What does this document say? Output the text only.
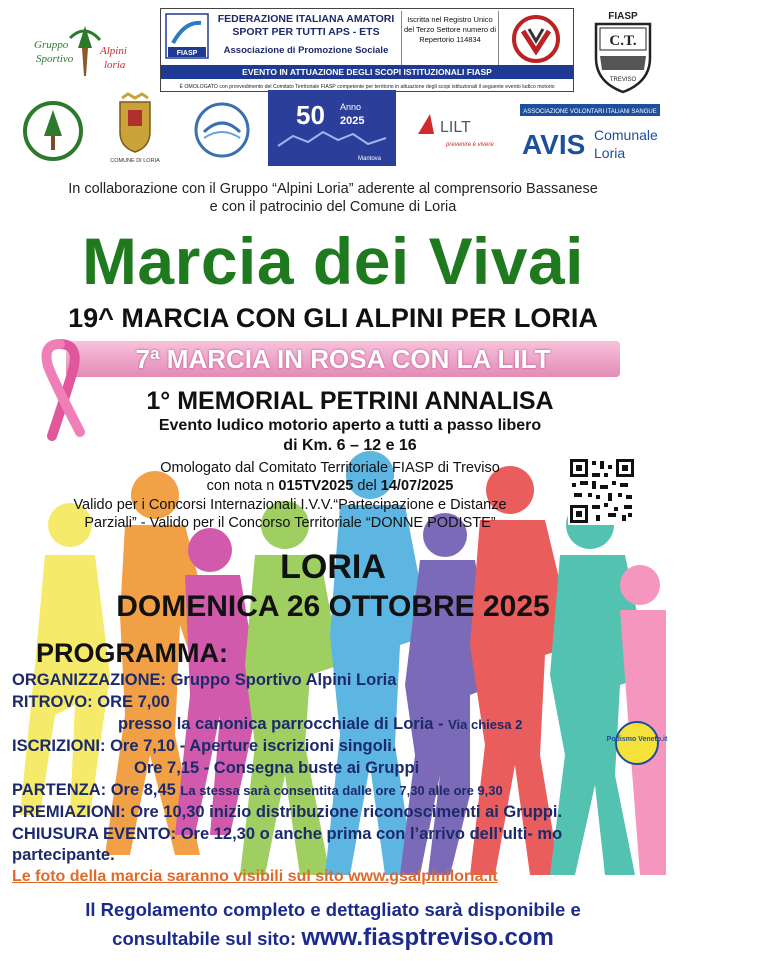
Gruppo
Sportivo
Alpini
loria
FIASP
FEDERAZIONE ITALIANA AMATORI SPORT PER TUTTI APS - ETS
Associazione di Promozione Sociale
Iscritta nel Registro Unico del Terzo Settore numero di Repertorio 114834
EVENTO IN ATTUAZIONE DEGLI SCOPI ISTITUZIONALI FIASP
È OMOLOGATO con provvedimento del Comitato Territoriale FIASP competente per territorio in attuazione degli scopi istituzionali il seguente evento ludico motorio
FIASP
C.T.
TREVISO
COMUNE DI LORIA
50 Anno
2025
Mantova
LILT
prevenire è vivere
ASSOCIAZIONE VOLONTARI ITALIANI SANGUE
AVIS Comunale
Loria
In collaborazione con il Gruppo “Alpini Loria” aderente al comprensorio Bassanese
e con il patrocinio del Comune di Loria
Marcia dei Vivai
19^ MARCIA CON GLI ALPINI PER LORIA
7ª MARCIA IN ROSA CON LA LILT
1° MEMORIAL PETRINI ANNALISA
Evento ludico motorio aperto a tutti a passo libero
di Km. 6 – 12 e 16
Omologato dal Comitato Territoriale FIASP di Treviso
con nota n 015TV2025 del 14/07/2025
Valido per i Concorsi Internazionali I.V.V.“Partecipazione e Distanze
Parziali” - Valido per il Concorso Territoriale “DONNE PODISTE”
LORIA
DOMENICA 26 OTTOBRE 2025
PROGRAMMA:
ORGANIZZAZIONE: Gruppo Sportivo Alpini Loria
RITROVO: ORE 7,00
presso la canonica parrocchiale di Loria - Via chiesa 2
ISCRIZIONI: Ore 7,10 - Aperture iscrizioni singoli.
Ore 7,15 - Consegna buste ai Gruppi
PARTENZA: Ore 8,45 La stessa sarà consentita dalle ore 7,30 alle ore 9,30
PREMIAZIONI: Ore 10,30 inizio distribuzione riconoscimenti ai Gruppi.
CHIUSURA EVENTO: Ore 12,30 o anche prima con l’arrivo dell’ulti- mo partecipante.
Podismo Veneto.it
Le foto della marcia saranno visibili sul sito www.gsalpiniloria.it
Il Regolamento completo e dettagliato sarà disponibile e
consultabile sul sito: www.fiasptreviso.com
